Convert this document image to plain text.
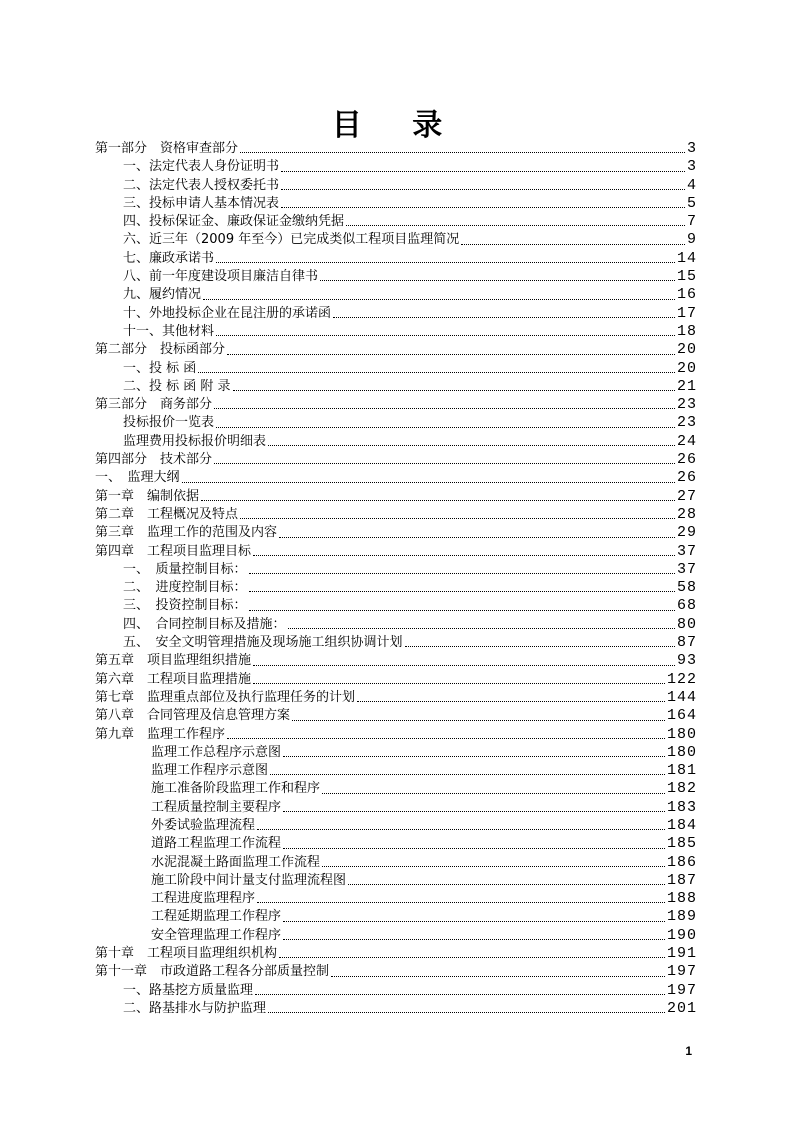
目 录
第一部分　资格审查部分	3
一、法定代表人身份证明书	3
二、法定代表人授权委托书	4
三、投标申请人基本情况表	5
四、投标保证金、廉政保证金缴纳凭据	7
六、近三年（2009 年至今）已完成类似工程项目监理简况	9
七、廉政承诺书	14
八、前一年度建设项目廉洁自律书	15
九、履约情况	16
十、外地投标企业在昆注册的承诺函	17
十一、其他材料	18
第二部分　投标函部分	20
一、投 标 函	20
二、投 标 函 附 录	21
第三部分　商务部分	23
投标报价一览表	23
监理费用投标报价明细表	24
第四部分　技术部分	26
一、　监理大纲	26
第一章　编制依据	27
第二章　工程概况及特点	28
第三章　监理工作的范围及内容	29
第四章　工程项目监理目标	37
一、　质量控制目标：	37
二、　进度控制目标：	58
三、　投资控制目标：	68
四、　合同控制目标及措施：	80
五、　安全文明管理措施及现场施工组织协调计划	87
第五章　项目监理组织措施	93
第六章　工程项目监理措施	122
第七章　监理重点部位及执行监理任务的计划	144
第八章　合同管理及信息管理方案	164
第九章　监理工作程序	180
监理工作总程序示意图	180
监理工作程序示意图	181
施工准备阶段监理工作和程序	182
工程质量控制主要程序	183
外委试验监理流程	184
道路工程监理工作流程	185
水泥混凝土路面监理工作流程	186
施工阶段中间计量支付监理流程图	187
工程进度监理程序	188
工程延期监理工作程序	189
安全管理监理工作程序	190
第十章　工程项目监理组织机构	191
第十一章　市政道路工程各分部质量控制	197
一、路基挖方质量监理	197
二、路基排水与防护监理	201
1
